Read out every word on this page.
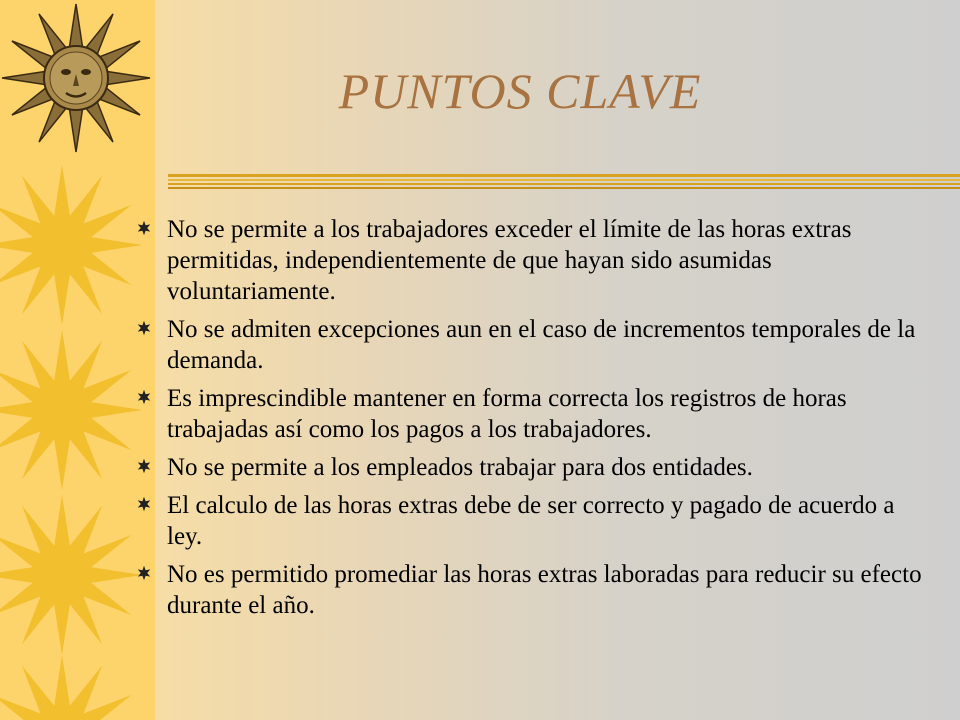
PUNTOS CLAVE
No se permite a los trabajadores exceder el límite de las horas extras permitidas, independientemente de que hayan sido asumidas voluntariamente.
No se admiten excepciones aun en el caso de incrementos temporales de la demanda.
Es imprescindible mantener en forma correcta los registros de horas trabajadas así como los pagos a los trabajadores.
No se permite a los empleados trabajar para dos entidades.
El calculo de las horas extras debe de ser correcto y pagado de acuerdo a ley.
No es permitido promediar las horas extras laboradas para reducir su efecto durante el año.
